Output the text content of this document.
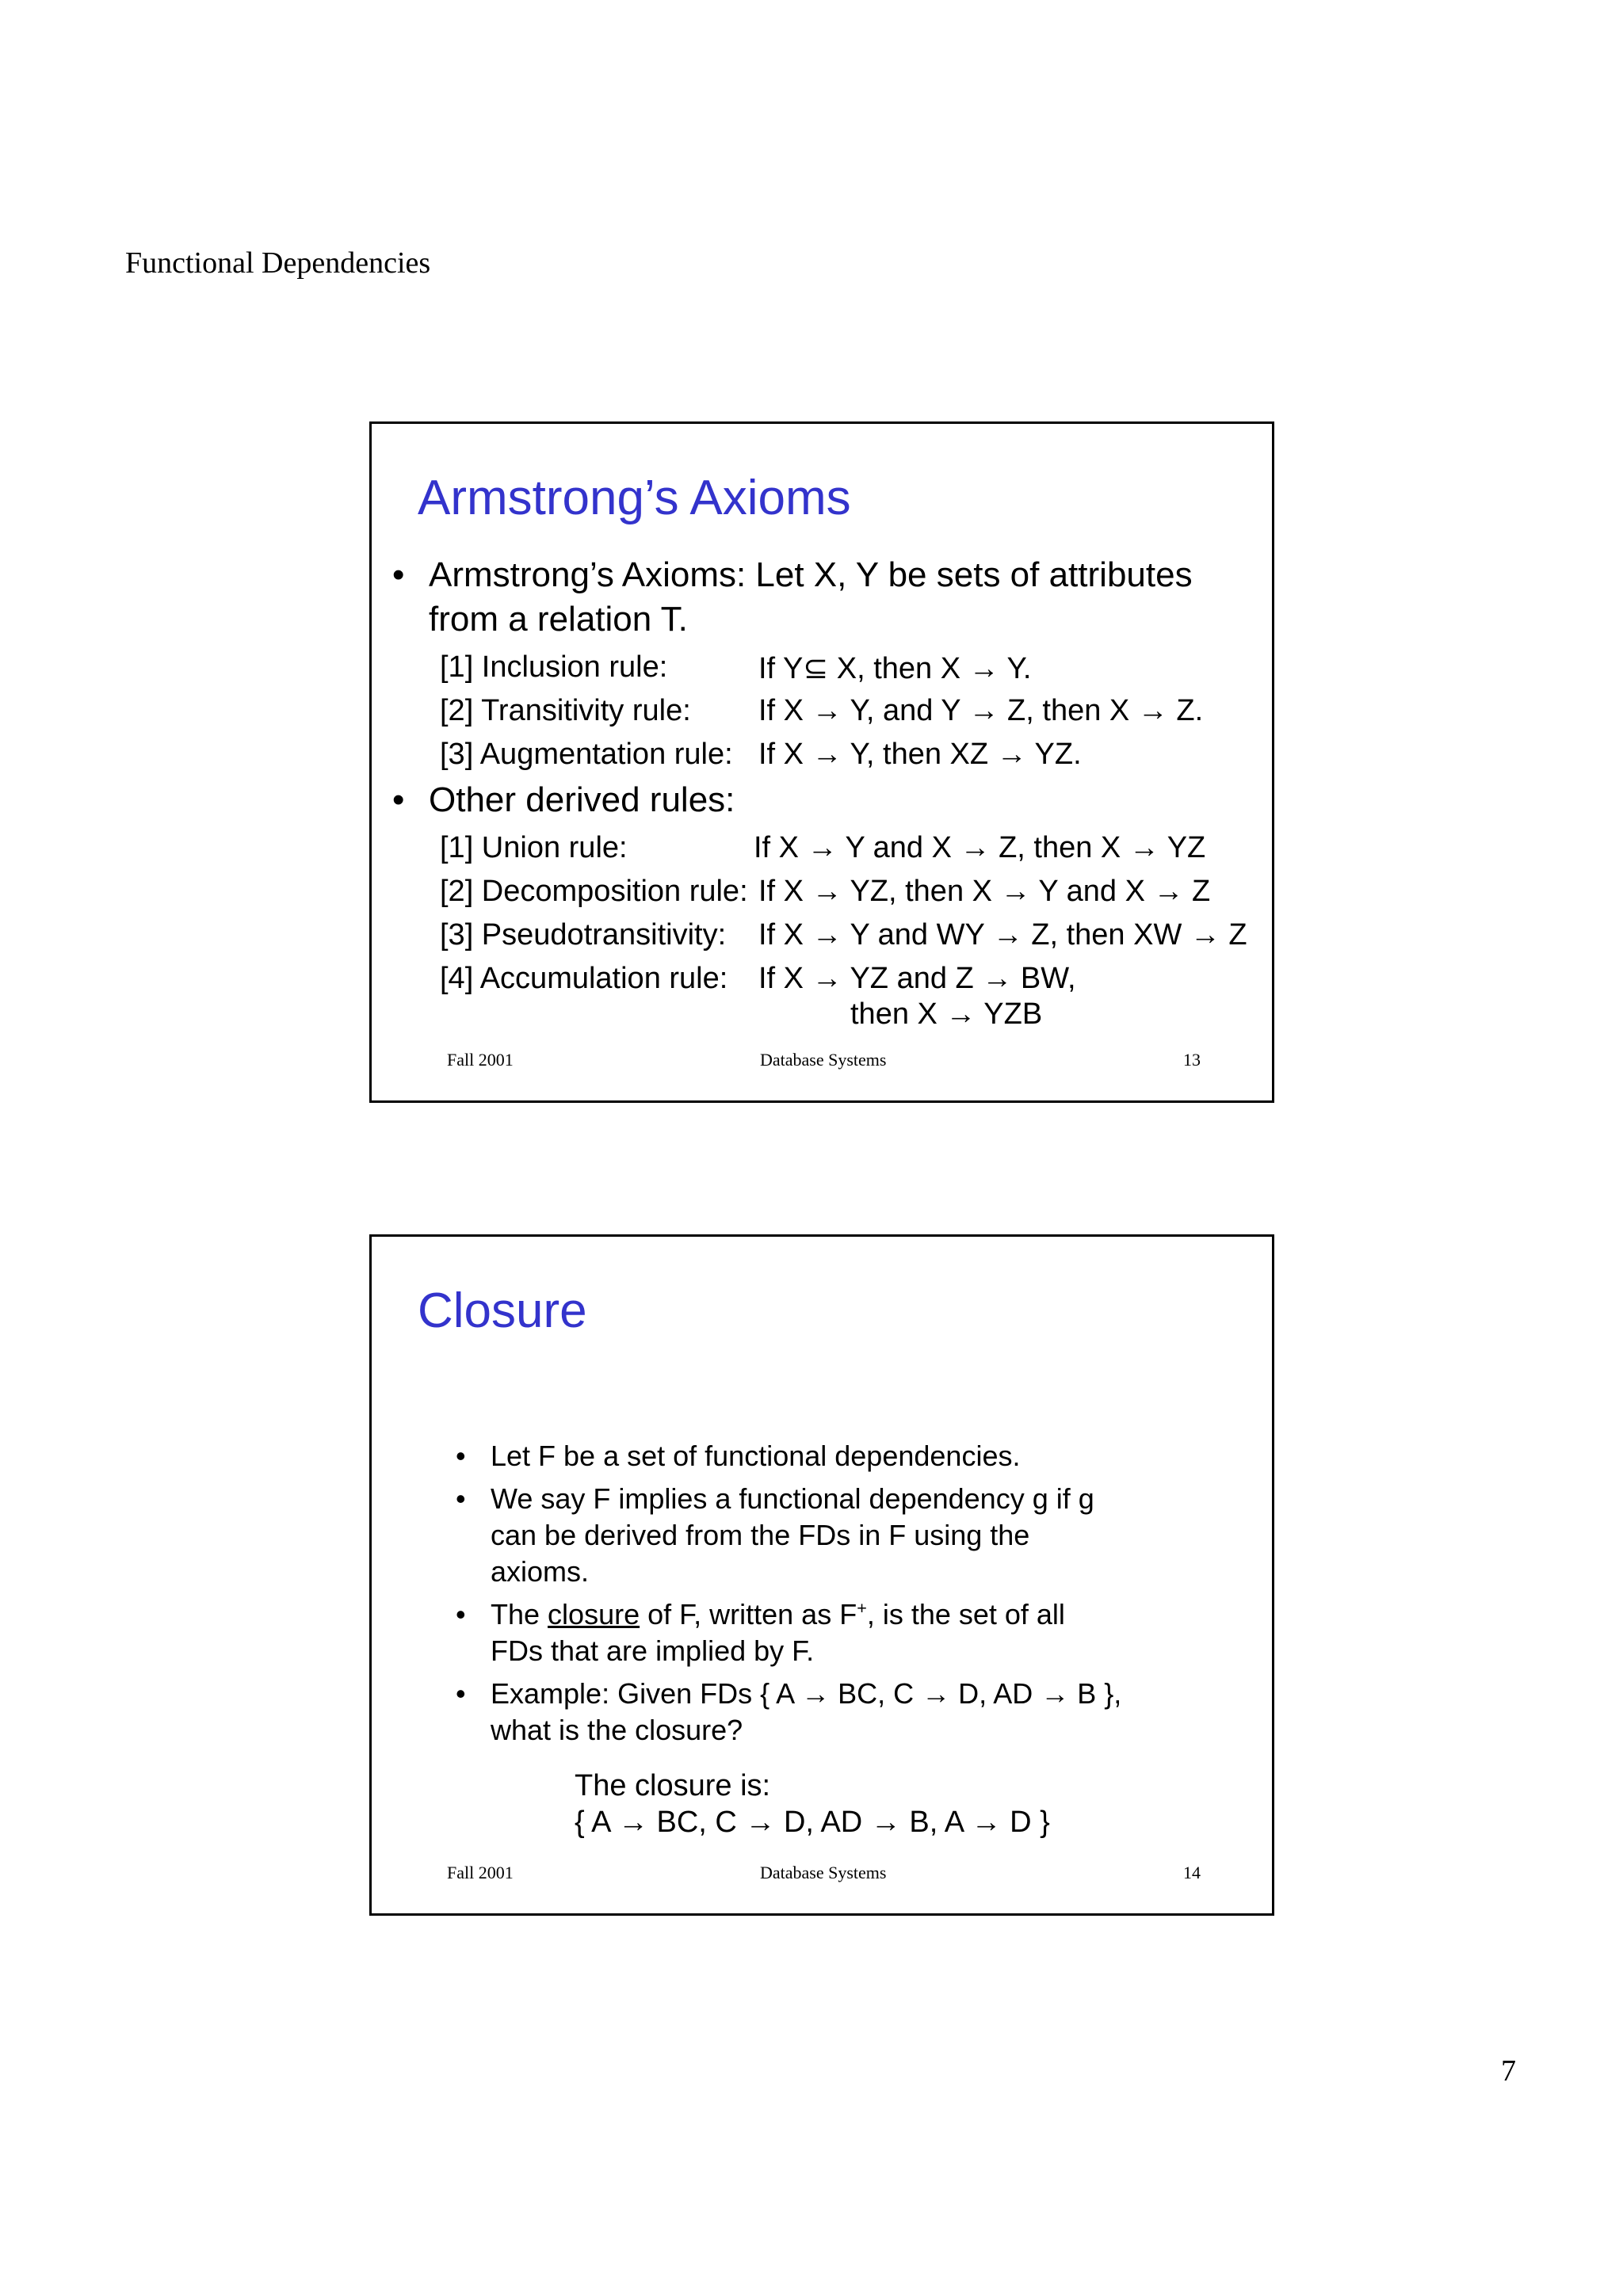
Functional Dependencies
Armstrong’s Axioms
• Armstrong’s Axioms: Let X, Y be sets of attributes
from a relation T.
[1] Inclusion rule:	If Y⊆ X, then X → Y.
[2] Transitivity rule: If X → Y, and Y → Z, then X → Z.
[3] Augmentation rule: If X → Y, then XZ → YZ.
• Other derived rules:
[1] Union rule:	If X → Y and X → Z, then X → YZ
[2] Decomposition rule: If X → YZ, then X → Y and X → Z
[3] Pseudotransitivity: If X → Y and WY → Z, then XW → Z
[4] Accumulation rule: If X → YZ and Z → BW,
then X → YZB
Fall 2001	Database Systems	13
Closure
• Let F be a set of functional dependencies.
• We say F implies a functional dependency g if g
can be derived from the FDs in F using the
axioms.
• The closure of F, written as F+, is the set of all
FDs that are implied by F.
• Example: Given FDs { A → BC, C → D, AD → B },
what is the closure?
The closure is:
{ A → BC, C → D, AD → B, A → D }
Fall 2001	Database Systems	14
7
